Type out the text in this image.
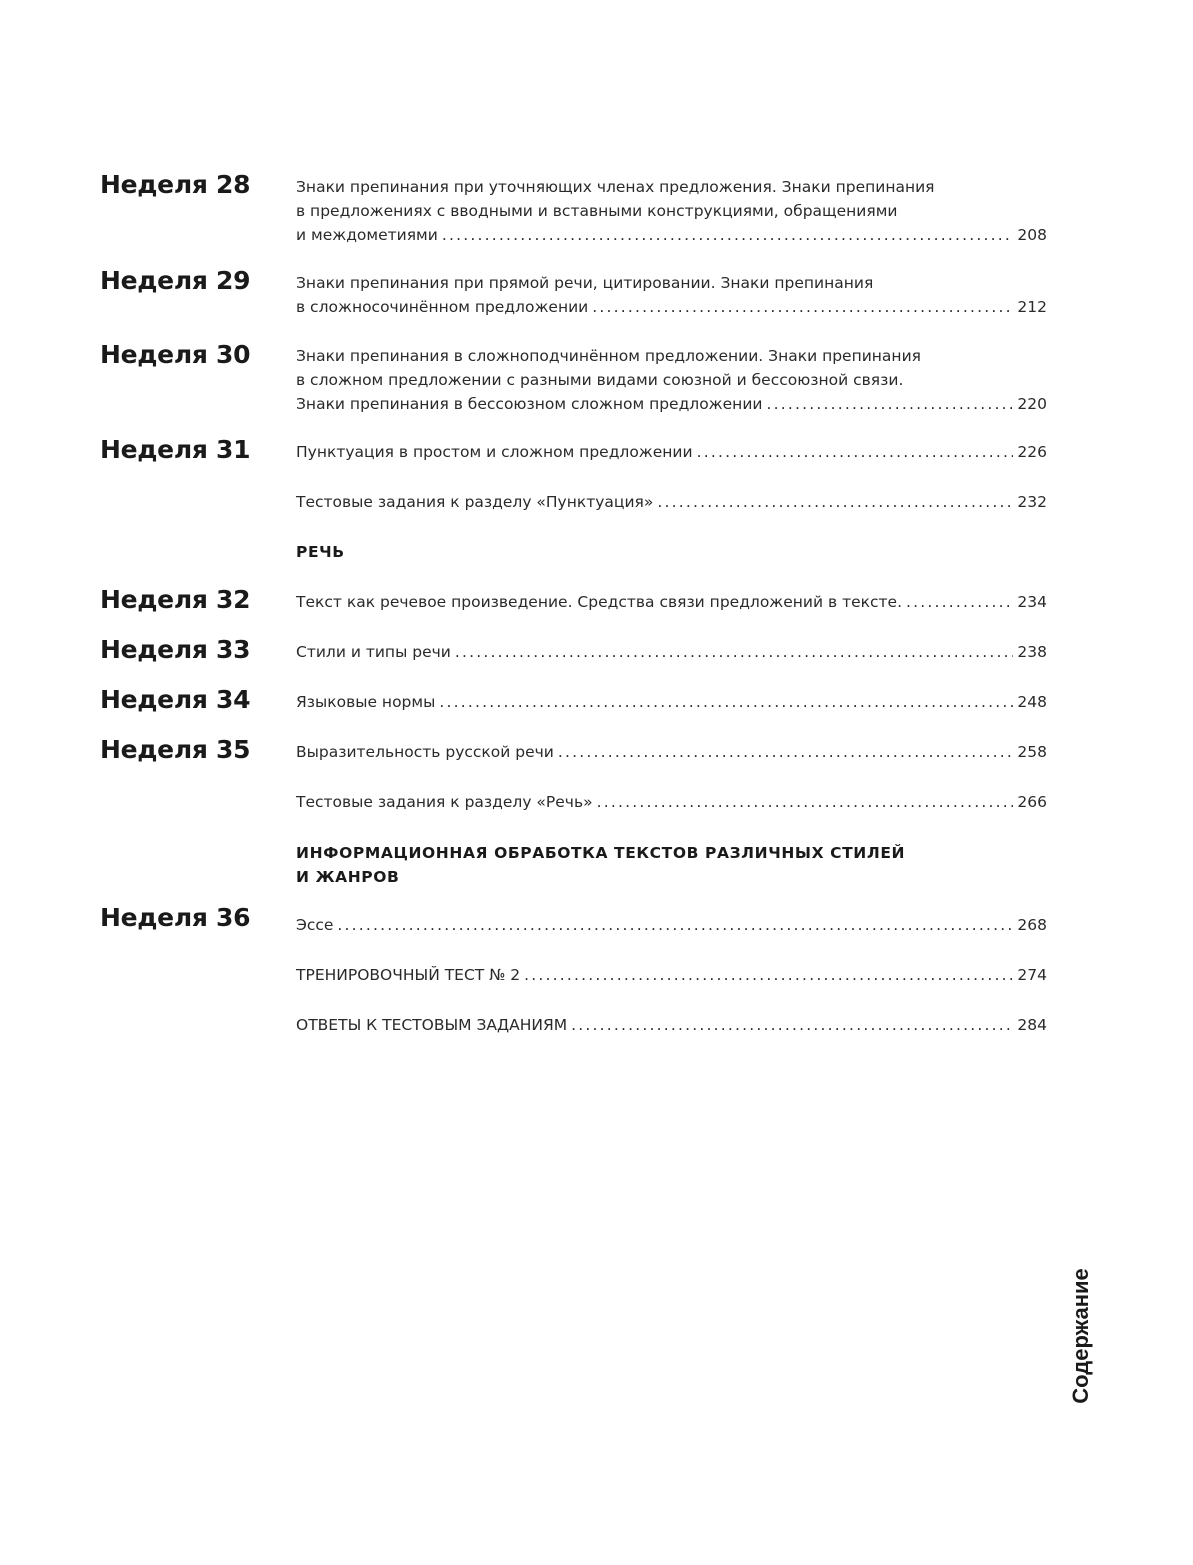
Неделя 28	Знаки препинания при уточняющих членах предложения. Знаки препинания
в предложениях с вводными и вставными конструкциями, обращениями
и междометиями .....	208
Неделя 29	Знаки препинания при прямой речи, цитировании. Знаки препинания
в сложносочинённом предложении .....	212
Неделя 30	Знаки препинания в сложноподчинённом предложении. Знаки препинания
в сложном предложении с разными видами союзной и бессоюзной связи.
Знаки препинания в бессоюзном сложном предложении .....	220
Неделя 31	Пунктуация в простом и сложном предложении .....	226
Тестовые задания к разделу «Пунктуация» .....	232
РЕЧЬ
Неделя 32	Текст как речевое произведение. Средства связи предложений в тексте. .....	234
Неделя 33	Стили и типы речи .....	238
Неделя 34	Языковые нормы .....	248
Неделя 35	Выразительность русской речи .....	258
Тестовые задания к разделу «Речь» .....	266
ИНФОРМАЦИОННАЯ ОБРАБОТКА ТЕКСТОВ РАЗЛИЧНЫХ СТИЛЕЙ
И ЖАНРОВ
Неделя 36	Эссе .....	268
ТРЕНИРОВОЧНЫЙ ТЕСТ № 2 .....	274
ОТВЕТЫ К ТЕСТОВЫМ ЗАДАНИЯМ .....	284
Содержание
